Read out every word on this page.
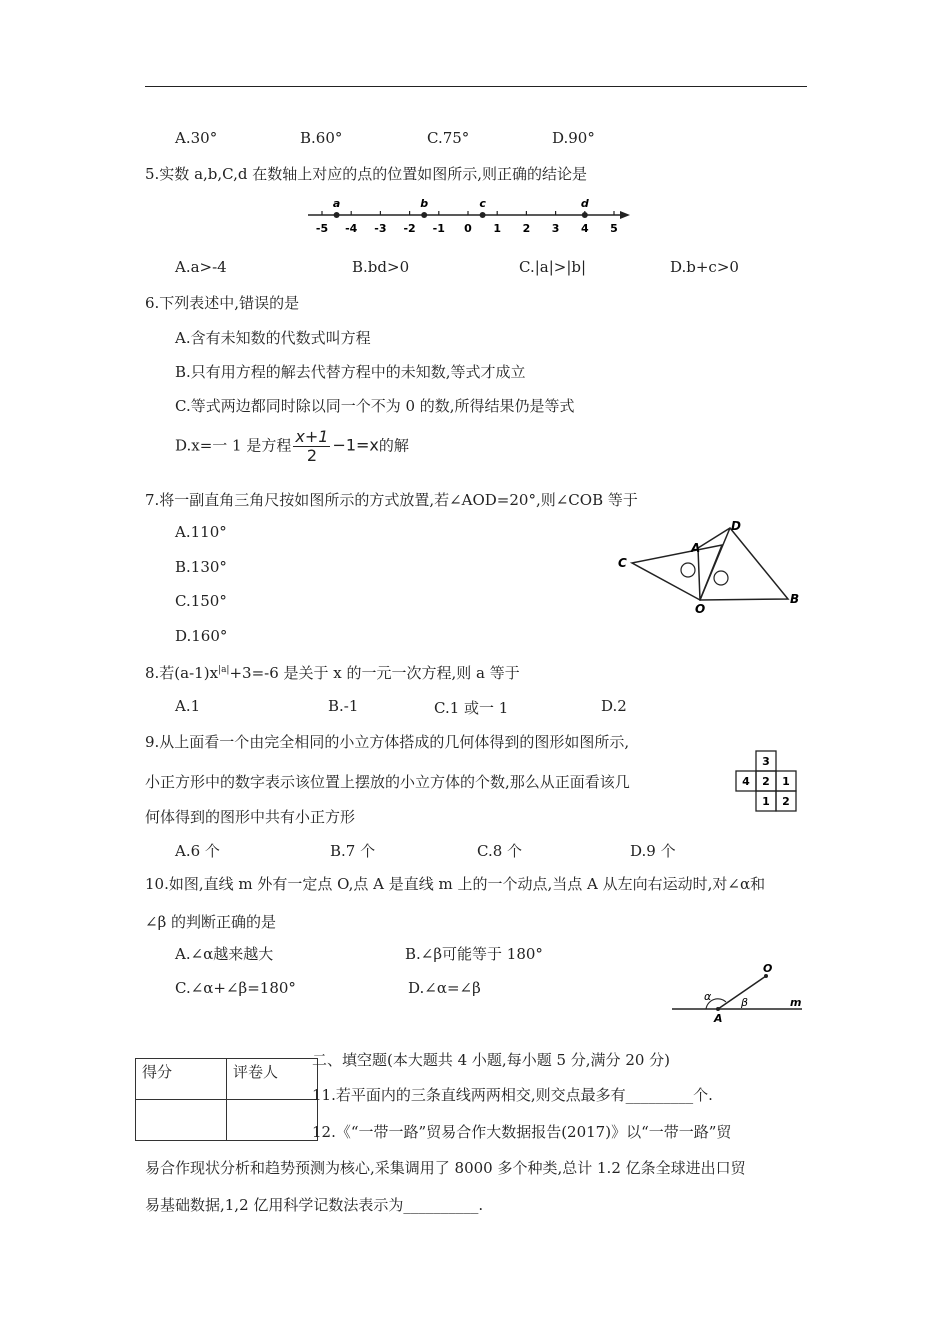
A.30°	B.60°	C.75°	D.90°
5.实数 a,b,C,d 在数轴上对应的点的位置如图所示,则正确的结论是
-5 -4 -3 -2 -1 0 1 2 3 4 5
a	b	c	d
A.a>-4	B.bd>0	C.|a|>|b|	D.b+c>0
6.下列表述中,错误的是
A.含有未知数的代数式叫方程
B.只有用方程的解去代替方程中的未知数,等式才成立
C.等式两边都同时除以同一个不为 0 的数,所得结果仍是等式
D.x=一 1 是方程 $\frac{x+1}{2} -1=x$的解
7.将一副直角三角尺按如图所示的方式放置,若∠AOD=20°,则∠COB 等于
A.110°
B.130°
C.150°
D.160°
C
A
D
O
B
8.若$(a-1)x^{|a|}+3=-6$ 是关于 x 的一元一次方程,则 a 等于
A.1	B.-1	C.1 或一 1	D.2
9.从上面看一个由完全相同的小立方体搭成的几何体得到的图形如图所示,
小正方形中的数字表示该位置上摆放的小立方体的个数,那么从正面看该几
何体得到的图形中共有小正方形
3
4 2 1
1 2
A.6 个	B.7 个	C.8 个	D.9 个
10.如图,直线 m 外有一定点 O,点 A 是直线 m 上的一个动点,当点 A 从左向右运动时,对∠α和
∠β 的判断正确的是
A.∠α越来越大	B.∠β可能等于 180°
C.∠α+∠β=180°	D.∠α=∠β
O
A
α	β	m
得分	评卷人

二、填空题(本大题共 4 小题,每小题 5 分,满分 20 分)
11.若平面内的三条直线两两相交,则交点最多有_________个.
12.《“一带一路”贸易合作大数据报告(2017)》以“一带一路”贸
易合作现状分析和趋势预测为核心,采集调用了 8000 多个种类,总计 1.2 亿条全球进出口贸
易基础数据,1,2 亿用科学记数法表示为__________.
